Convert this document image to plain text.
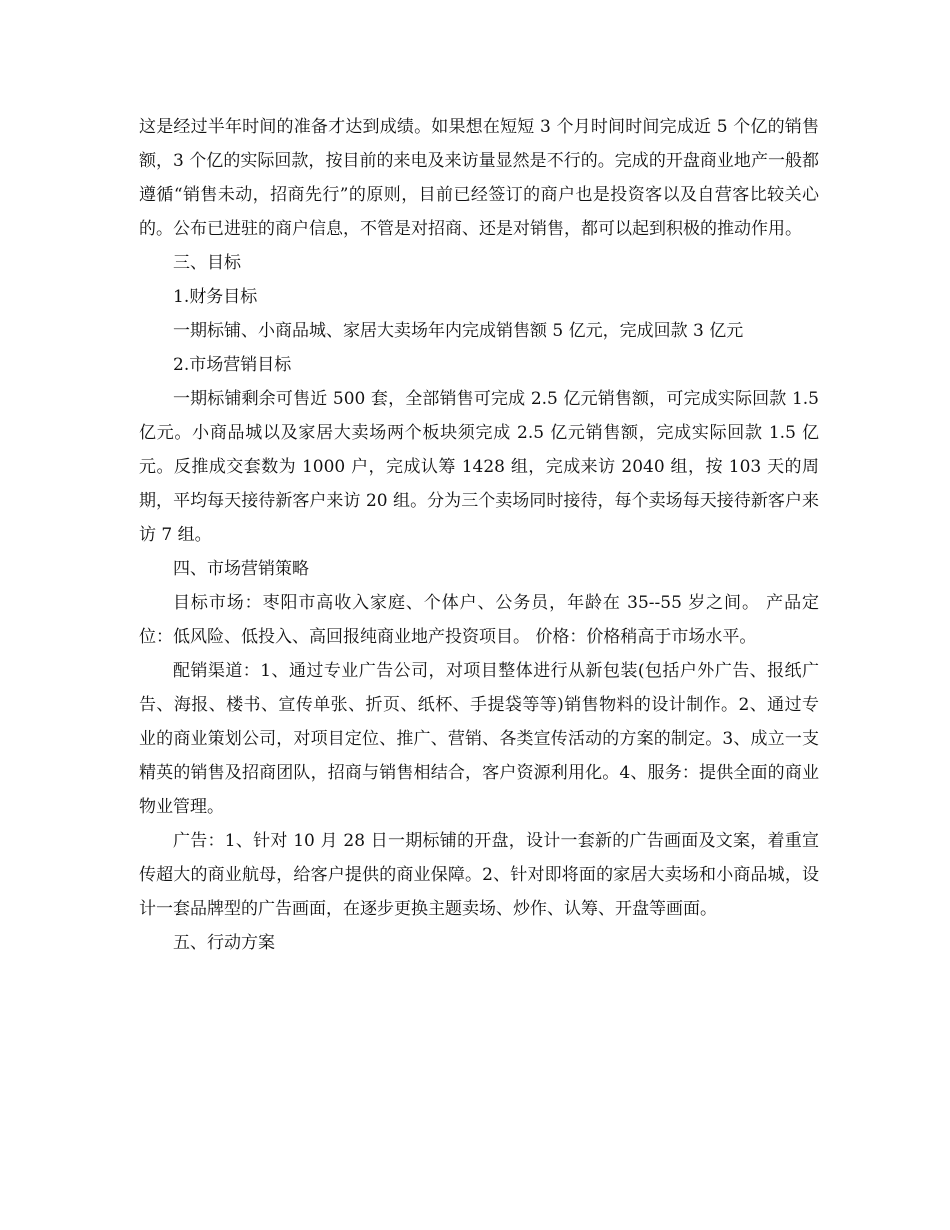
这是经过半年时间的准备才达到成绩。如果想在短短 3 个月时间时间完成近 5 个亿的销售额，3 个亿的实际回款，按目前的来电及来访量显然是不行的。完成的开盘商业地产一般都遵循“销售未动，招商先行”的原则，目前已经签订的商户也是投资客以及自营客比较关心的。公布已进驻的商户信息，不管是对招商、还是对销售，都可以起到积极的推动作用。

三、目标

1.财务目标

一期标铺、小商品城、家居大卖场年内完成销售额 5 亿元，完成回款 3 亿元

2.市场营销目标

一期标铺剩余可售近 500 套，全部销售可完成 2.5 亿元销售额，可完成实际回款 1.5 亿元。小商品城以及家居大卖场两个板块须完成 2.5 亿元销售额，完成实际回款 1.5 亿元。反推成交套数为 1000 户，完成认筹 1428 组，完成来访 2040 组，按 103 天的周期，平均每天接待新客户来访 20 组。分为三个卖场同时接待，每个卖场每天接待新客户来访 7 组。

四、市场营销策略

目标市场：枣阳市高收入家庭、个体户、公务员，年龄在 35--55 岁之间。 产品定位：低风险、低投入、高回报纯商业地产投资项目。 价格：价格稍高于市场水平。

配销渠道：1、通过专业广告公司，对项目整体进行从新包装(包括户外广告、报纸广告、海报、楼书、宣传单张、折页、纸杯、手提袋等等)销售物料的设计制作。2、通过专业的商业策划公司，对项目定位、推广、营销、各类宣传活动的方案的制定。3、成立一支精英的销售及招商团队，招商与销售相结合，客户资源利用化。4、服务：提供全面的商业物业管理。

广告：1、针对 10 月 28 日一期标铺的开盘，设计一套新的广告画面及文案，着重宣传超大的商业航母，给客户提供的商业保障。2、针对即将面的家居大卖场和小商品城，设计一套品牌型的广告画面，在逐步更换主题卖场、炒作、认筹、开盘等画面。

五、行动方案
